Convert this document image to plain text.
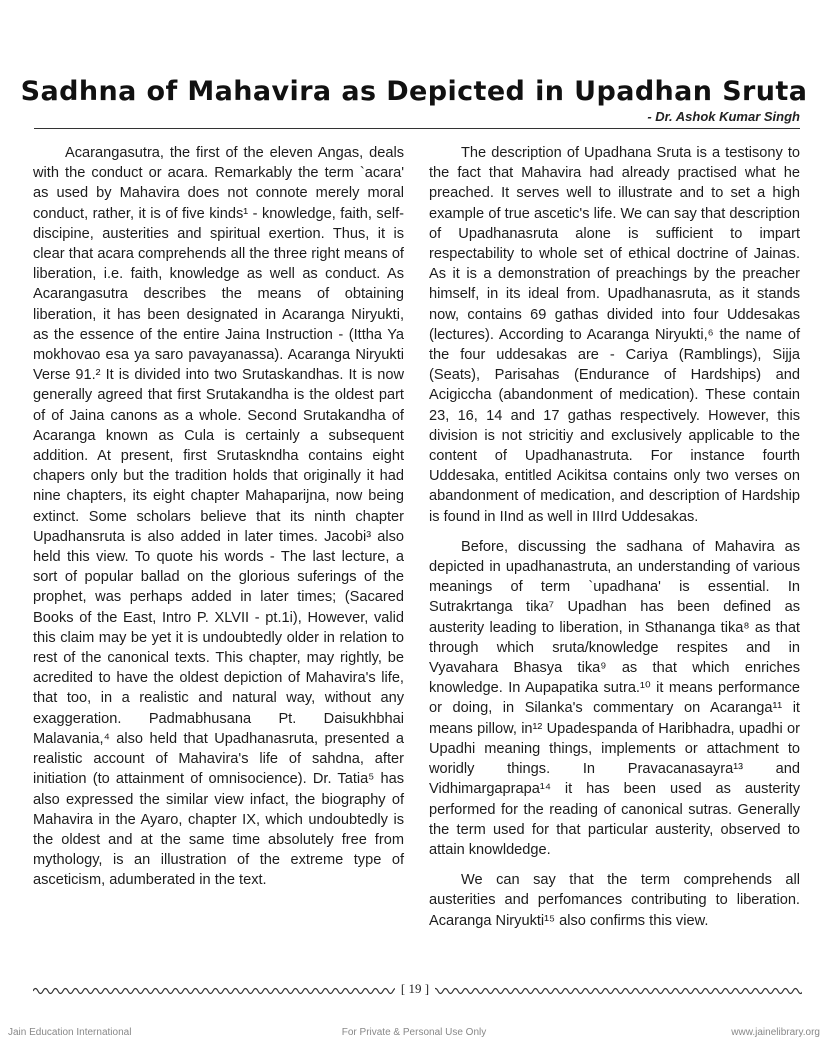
Sadhna of Mahavira as Depicted in Upadhan Sruta
- Dr. Ashok Kumar Singh

Acarangasutra, the first of the eleven Angas, deals with the conduct or acara. Remarkably the term `acara' as used by Mahavira does not connote merely moral conduct, rather, it is of five kinds¹ - knowledge, faith, self-discipine, austerities and spiritual exertion. Thus, it is clear that acara comprehends all the three right means of liberation, i.e. faith, knowledge as well as conduct. As Acarangasutra describes the means of obtaining liberation, it has been designated in Acaranga Niryukti, as the essence of the entire Jaina Instruction - (Ittha Ya mokhovao esa ya saro pavayanassa). Acaranga Niryukti Verse 91.² It is divided into two Srutaskandhas. It is now generally agreed that first Srutakandha is the oldest part of of Jaina canons as a whole. Second Srutakandha of Acaranga known as Cula is certainly a subsequent addition. At present, first Srutaskndha contains eight chapers only but the tradition holds that originally it had nine chapters, its eight chapter Mahaparijna, now being extinct. Some scholars believe that its ninth chapter Upadhansruta is also added in later times. Jacobi³ also held this view. To quote his words - The last lecture, a sort of popular ballad on the glorious suferings of the prophet, was perhaps added in later times; (Sacared Books of the East, Intro P. XLVII - pt.1i), However, valid this claim may be yet it is undoubtedly older in relation to rest of the canonical texts. This chapter, may rightly, be acredited to have the oldest depiction of Mahavira's life, that too, in a realistic and natural way, without any exaggeration. Padmabhusana Pt. Daisukhbhai Malavania,⁴ also held that Upadhanasruta, presented a realistic account of Mahavira's life of sahdna, after initiation (to attainment of omnisocience). Dr. Tatia⁵ has also expressed the similar view infact, the biography of Mahavira in the Ayaro, chapter IX, which undoubtedly is the oldest and at the same time absolutely free from mythology, is an illustration of the extreme type of asceticism, adumberated in the text.

The description of Upadhana Sruta is a testisony to the fact that Mahavira had already practised what he preached. It serves well to illustrate and to set a high example of true ascetic's life. We can say that description of Upadhanasruta alone is sufficient to impart respectability to whole set of ethical doctrine of Jainas. As it is a demonstration of preachings by the preacher himself, in its ideal from. Upadhanasruta, as it stands now, contains 69 gathas divided into four Uddesakas (lectures). According to Acaranga Niryukti,⁶ the name of the four uddesakas are - Cariya (Ramblings), Sijja (Seats), Parisahas (Endurance of Hardships) and Acigiccha (abandonment of medication). These contain 23, 16, 14 and 17 gathas respectively. However, this division is not stricitiy and exclusively applicable to the content of Upadhanastruta. For instance fourth Uddesaka, entitled Acikitsa contains only two verses on abandonment of medication, and description of Hardship is found in IInd as well in IIIrd Uddesakas.

Before, discussing the sadhana of Mahavira as depicted in upadhanastruta, an understanding of various meanings of term `upadhana' is essential. In Sutrakrtanga tika⁷ Upadhan has been defined as austerity leading to liberation, in Sthananga tika⁸ as that through which sruta/knowledge respites and in Vyavahara Bhasya tika⁹ as that which enriches knowledge. In Aupapatika sutra.¹⁰ it means performance or doing, in Silanka's commentary on Acaranga¹¹ it means pillow, in¹² Upadespanda of Haribhadra, upadhi or Upadhi meaning things, implements or attachment to woridly things. In Pravacanasayra¹³ and Vidhimargaprapa¹⁴ it has been used as austerity performed for the reading of canonical sutras. Generally the term used for that particular austerity, observed to attain knowldedge.

We can say that the term comprehends all austerities and perfomances contributing to liberation. Acaranga Niryukti¹⁵ also confirms this view.

[ 19 ]
Jain Education International	For Private & Personal Use Only	www.jainelibrary.org
